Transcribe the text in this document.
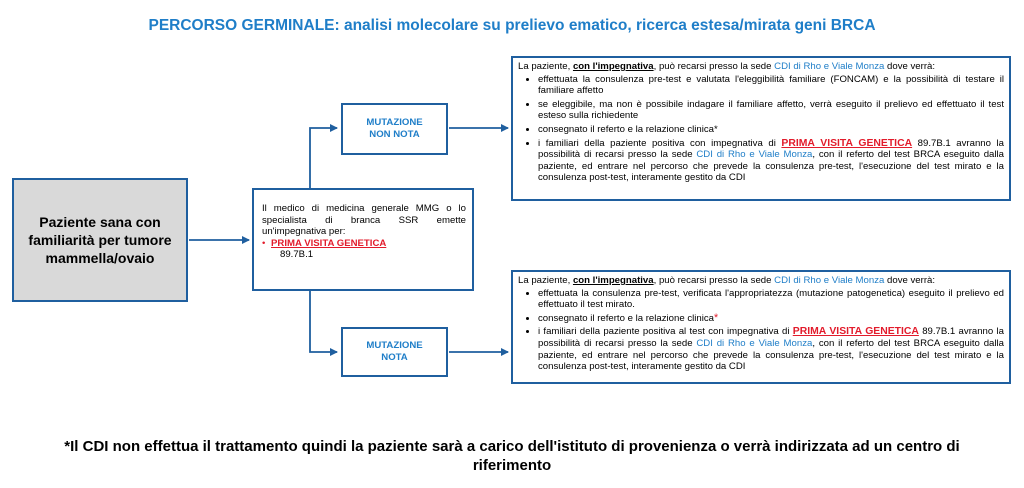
PERCORSO GERMINALE: analisi molecolare su prelievo ematico, ricerca estesa/mirata geni BRCA
Paziente sana con familiarità per tumore mammella/ovaio
Il medico di medicina generale MMG o lo specialista di branca SSR emette un'impegnativa per:
• PRIMA VISITA GENETICA
89.7B.1
MUTAZIONE
NON NOTA
MUTAZIONE
NOTA
La paziente, con l'impegnativa, può recarsi presso la sede CDI di Rho e Viale Monza dove verrà:
• effettuata la consulenza pre-test e valutata l'eleggibilità familiare (FONCAM) e la possibilità di testare il familiare affetto
• se eleggibile, ma non è possibile indagare il familiare affetto, verrà eseguito il prelievo ed effettuato il test esteso sulla richiedente
• consegnato il referto e la relazione clinica*
• i familiari della paziente positiva con impegnativa di PRIMA VISITA GENETICA 89.7B.1 avranno la possibilità di recarsi presso la sede CDI di Rho e Viale Monza, con il referto del test BRCA eseguito dalla paziente, ed entrare nel percorso che prevede la consulenza pre-test, l'esecuzione del test mirato e la consulenza post-test, interamente gestito da CDI
La paziente, con l'impegnativa, può recarsi presso la sede CDI di Rho e Viale Monza dove verrà:
• effettuata la consulenza pre-test, verificata l'appropriatezza (mutazione patogenetica) eseguito il prelievo ed effettuato il test mirato.
• consegnato il referto e la relazione clinica*
• i familiari della paziente positiva al test con impegnativa di PRIMA VISITA GENETICA 89.7B.1 avranno la possibilità di recarsi presso la sede CDI di Rho e Viale Monza, con il referto del test BRCA eseguito dalla paziente, ed entrare nel percorso che prevede la consulenza pre-test, l'esecuzione del test mirato e la consulenza post-test, interamente gestito da CDI
*Il CDI non effettua il trattamento quindi la paziente sarà a carico dell'istituto di provenienza o verrà indirizzata ad un centro di
riferimento
